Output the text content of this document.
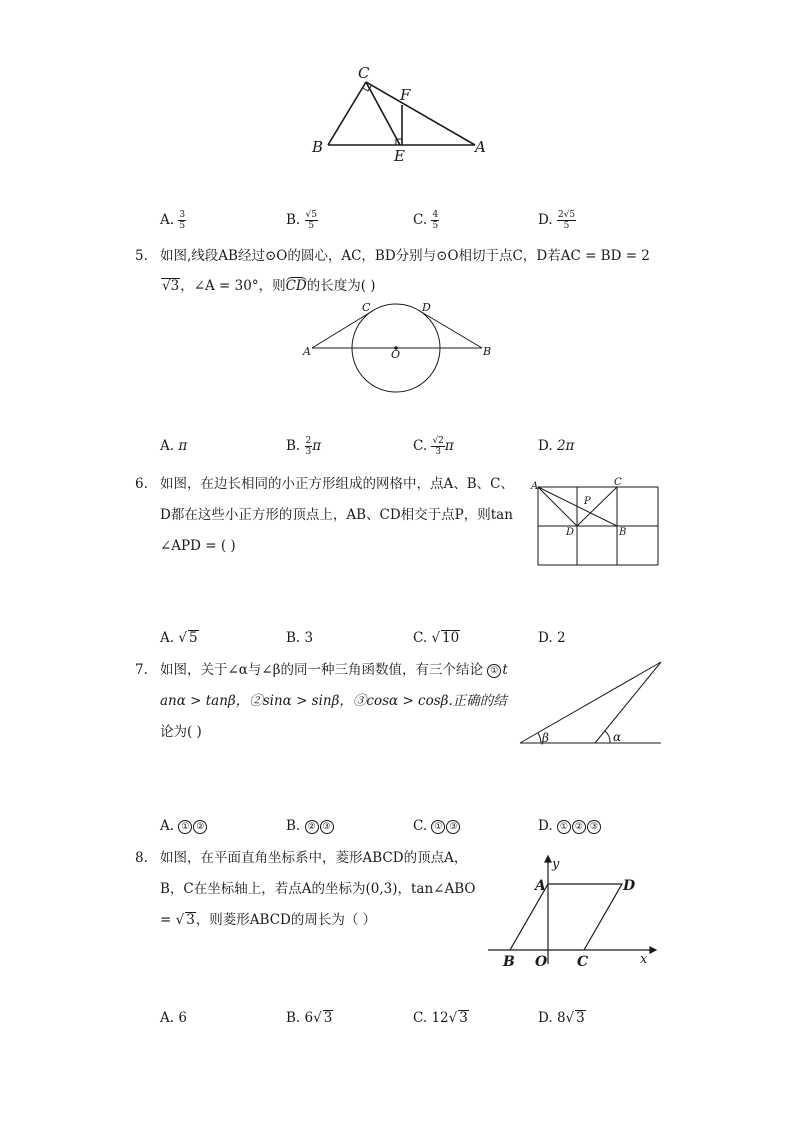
C
F
B	E	A
A. $\frac{3}{5}$	B. $\frac{√5}{5}$	C. $\frac{4}{5}$	D. $\frac{2√5}{5}$
5. 如图,线段AB经过⊙O的圆心，AC，BD分别与⊙O相切于点C，D若AC = BD = 2
√3，∠A = 30°，则CD的长度为( )
C	D
A	O	B
A. π	B. $\frac{2}{3}$ π	C. $\frac{√2}{3}$ π	D. 2π
6. 如图，在边长相同的小正方形组成的网格中，点A、B、C、
D都在这些小正方形的顶点上，AB、CD相交于点P，则tan
∠APD = ( )
A	C
P
D	B
A. √ 5	B. 3	C. √ 10	D. 2
7. 如图，关于∠α与∠β的同一种三角函数值，有三个结论 ① t
anα > tanβ，②sinα > sinβ，③cosα > cosβ.正确的结
论为( )	β	α
A. ① ②	B. ② ③	C. ① ③	D. ① ② ③
8. 如图，在平面直角坐标系中，菱形ABCD的顶点A，
B，C在坐标轴上，若点A的坐标为(0,3)，tan∠ABO
= √ 3，则菱形ABCD的周长为（ ）
y
A	D
B O C	x
A. 6	B. 6√ 3	C. 12√ 3	D. 8√ 3
